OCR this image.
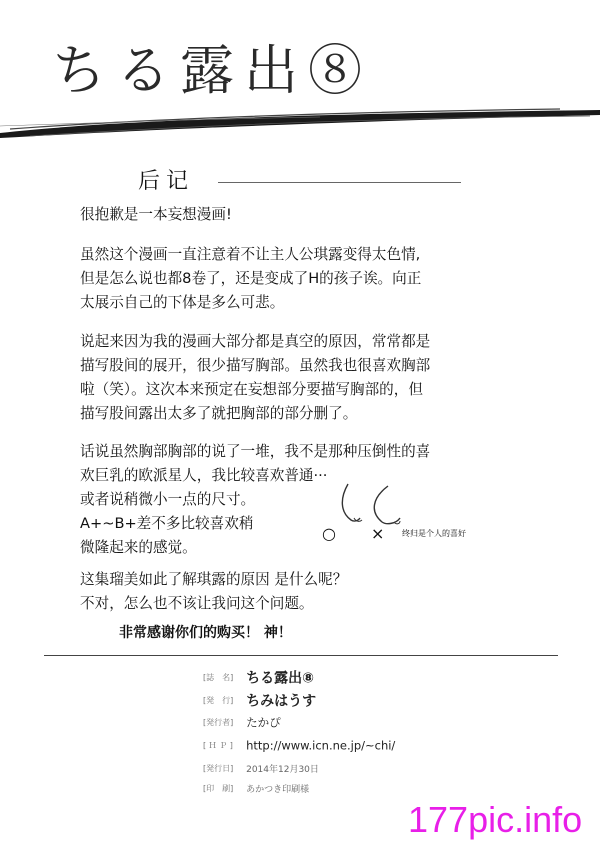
ちる露出⑧
后记
很抱歉是一本妄想漫画!
虽然这个漫画一直注意着不让主人公琪露变得太色情,
但是怎么说也都8卷了，还是变成了H的孩子诶。向正
太展示自己的下体是多么可悲。
说起来因为我的漫画大部分都是真空的原因，常常都是
描写股间的展开，很少描写胸部。虽然我也很喜欢胸部
啦（笑）。这次本来预定在妄想部分要描写胸部的，但
描写股间露出太多了就把胸部的部分删了。
话说虽然胸部胸部的说了一堆，我不是那种压倒性的喜
欢巨乳的欧派星人，我比较喜欢普通···
或者说稍微小一点的尺寸。
A+~B+差不多比较喜欢稍
微隆起来的感觉。
○ × 终归是个人的喜好
这集瑠美如此了解琪露的原因 是什么呢？
不对，怎么也不该让我问这个问题。
非常感谢你们的购买！ 神！
[誌　名] ちる露出⑧
[発　行] ちみはうす
[発行者] たかぴ
[ Ｈ Ｐ ] http://www.icn.ne.jp/~chi/
[発行日] 2014年12月30日
[印　刷] あかつき印刷様
177pic.info
